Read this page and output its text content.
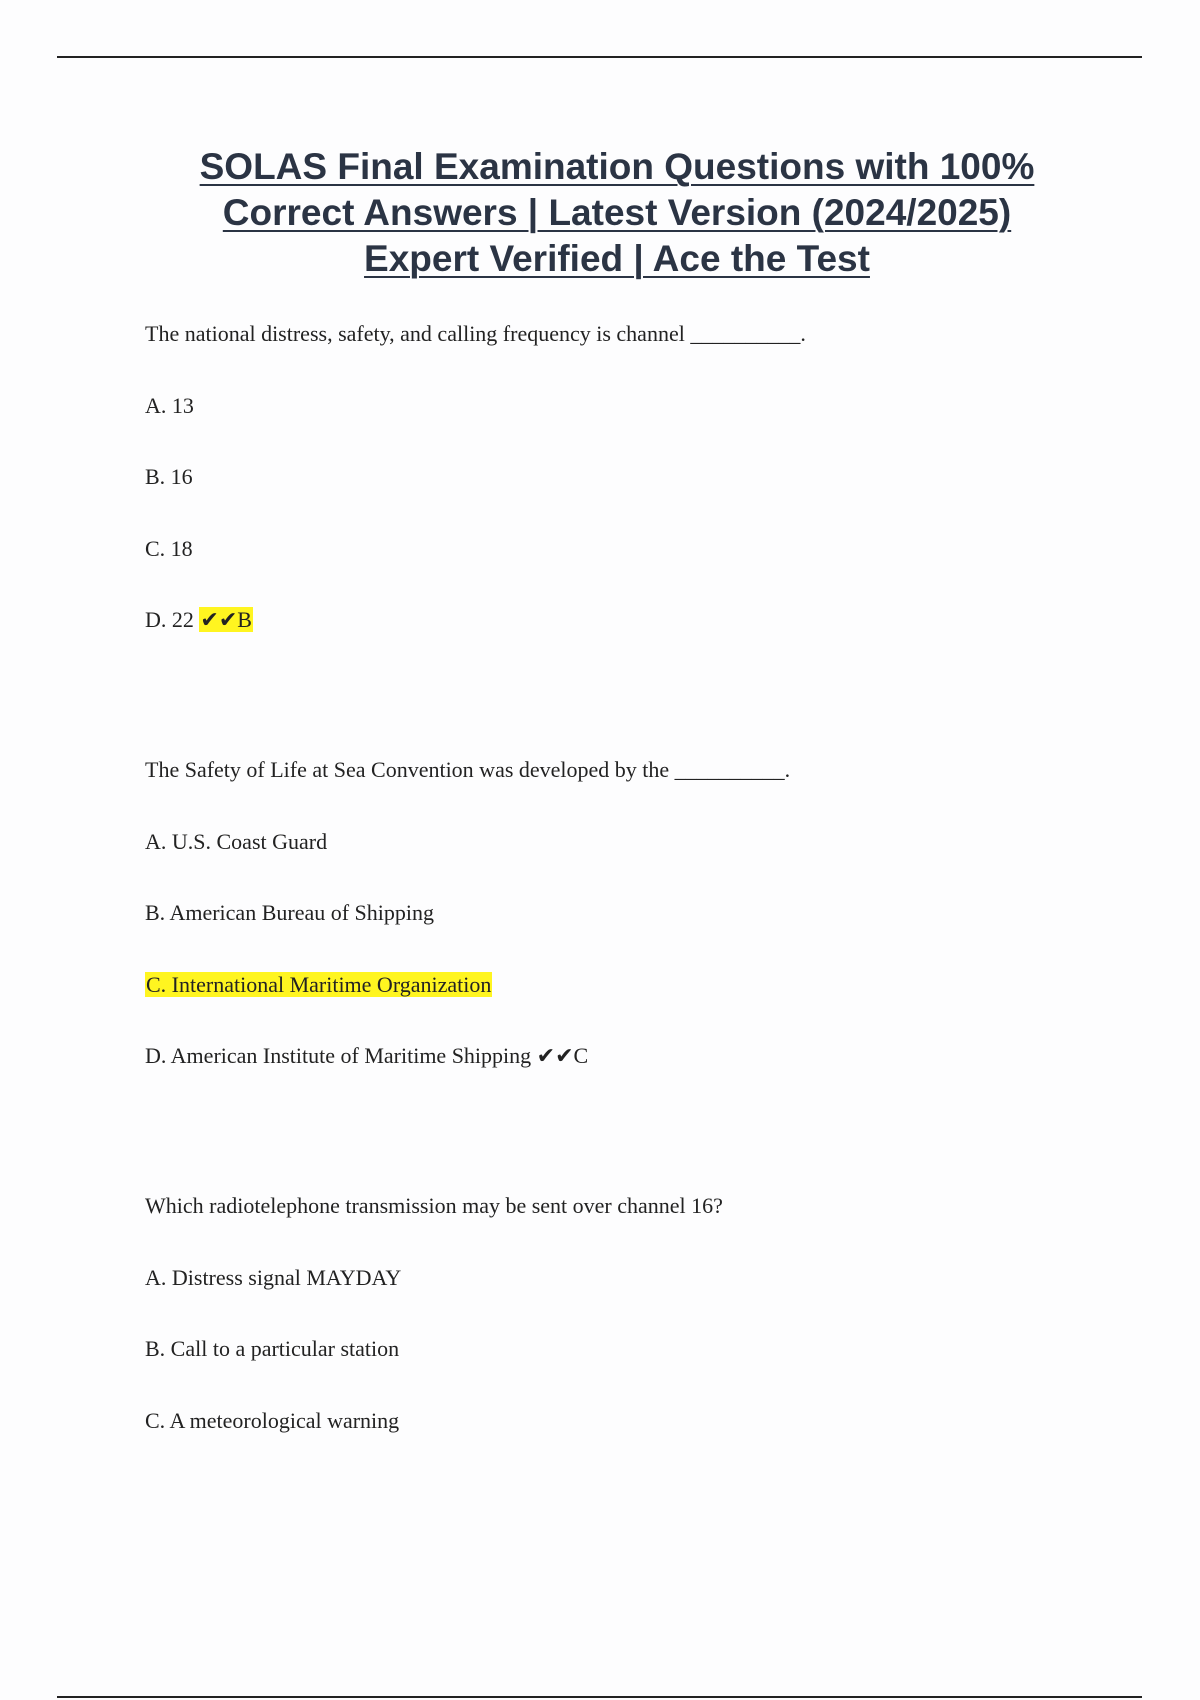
SOLAS Final Examination Questions with 100%
Correct Answers | Latest Version (2024/2025)
Expert Verified | Ace the Test

The national distress, safety, and calling frequency is channel __________.

A. 13

B. 16

C. 18

D. 22 ✔✔B

The Safety of Life at Sea Convention was developed by the __________.

A. U.S. Coast Guard

B. American Bureau of Shipping

C. International Maritime Organization

D. American Institute of Maritime Shipping ✔✔C

Which radiotelephone transmission may be sent over channel 16?

A. Distress signal MAYDAY

B. Call to a particular station

C. A meteorological warning
